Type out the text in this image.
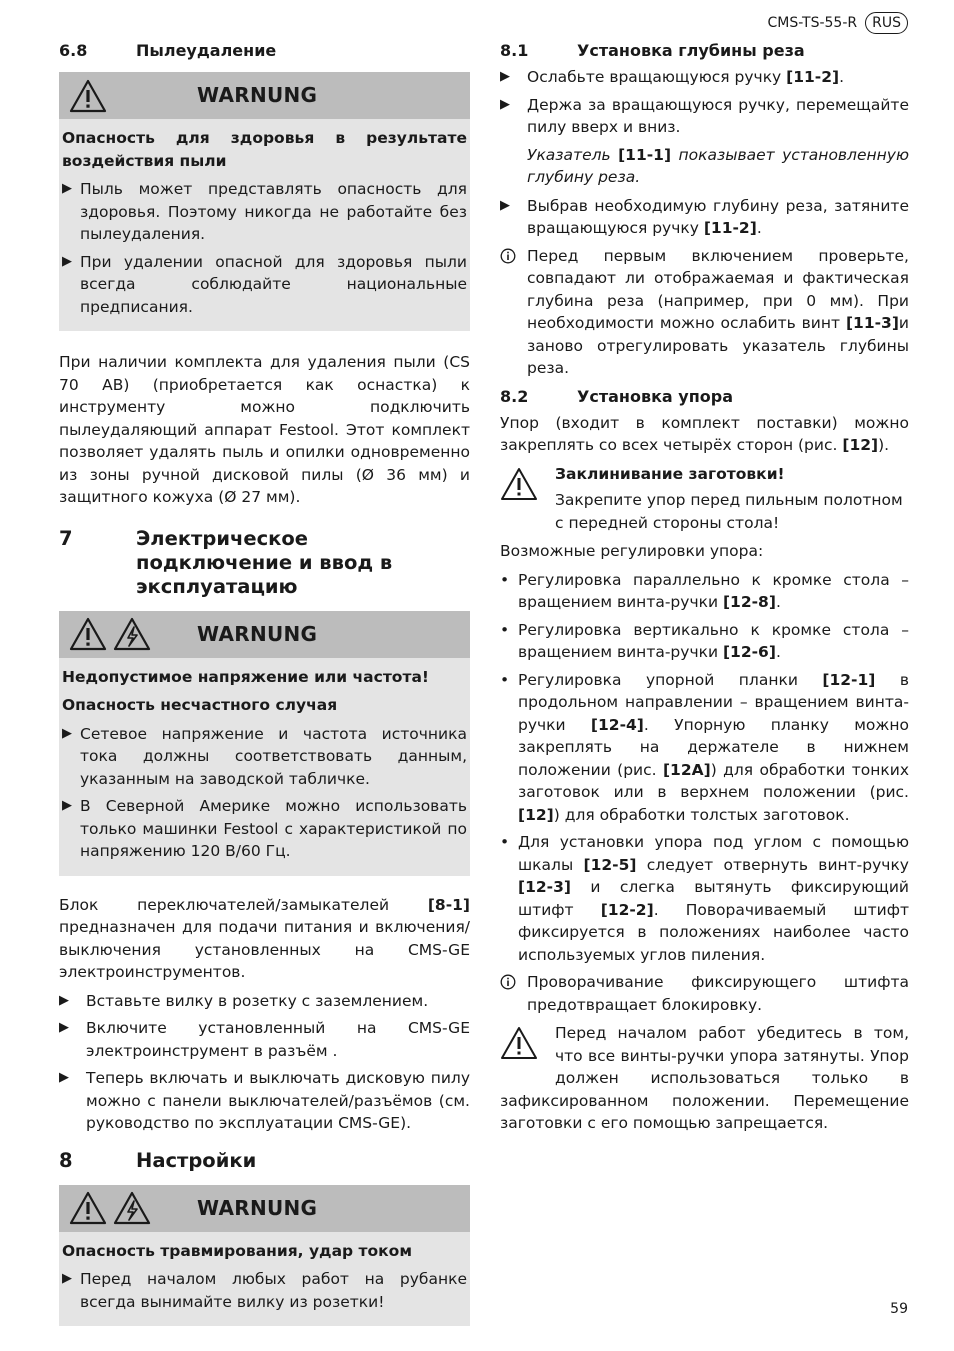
CMS-TS-55-R	RUS
6.8	Пылеудаление
WARNUNG
Опасность для здоровья в результате воздействия пыли
▶ Пыль может представлять опасность для здоровья. Поэтому никогда не работайте без пылеудаления.
▶ При удалении опасной для здоровья пыли всегда соблюдайте национальные предписания.

При наличии комплекта для удаления пыли (CS 70 AB) (приобретается как оснастка) к инструменту можно подключить пылеудаляющий аппарат Festool. Этот комплект позволяет удалять пыль и опилки одновременно из зоны ручной дисковой пилы (Ø 36 мм) и защитного кожуха (Ø 27 мм).

7	Электрическое подключение и ввод в эксплуатацию
WARNUNG
Недопустимое напряжение или частота!
Опасность несчастного случая
▶ Сетевое напряжение и частота источника тока должны соответствовать данным, указанным на заводской табличке.
▶ В Северной Америке можно использовать только машинки Festool с характеристикой по напряжению 120 В/60 Гц.

Блок переключателей/замыкателей [8-1] предназначен для подачи питания и включения/выключения установленных на CMS-GE электроинструментов.

▶	Вставьте вилку в розетку с заземлением.
▶	Включите установленный на CMS-GE электроинструмент в разъём .
▶	Теперь включать и выключать дисковую пилу можно с панели выключателей/разъёмов (см. руководство по эксплуатации CMS-GE).
8	Настройки
WARNUNG
Опасность травмирования, удар током
▶ Перед началом любых работ на рубанке всегда вынимайте вилку из розетки!
8.1	Установка глубины реза
▶	Ослабьте вращающуюся ручку [11-2].
▶	Держа за вращающуюся ручку, перемещайте пилу вверх и вниз.

Указатель [11-1] показывает установленную глубину реза.

▶	Выбрав необходимую глубину реза, затяните вращающуюся ручку [11-2].
Перед первым включением проверьте, совпадают ли отображаемая и фактическая глубина реза (например, при 0 мм). При необходимости можно ослабить винт [11-3]и заново отрегулировать указатель глубины реза.
8.2	Установка упора

Упор (входит в комплект поставки) можно закреплять со всех четырёх сторон (рис. [12]).

Заклинивание заготовки!
Закрепите упор перед пильным полотном с передней стороны стола!

Возможные регулировки упора:

• Регулировка параллельно к кромке стола – вращением винта-ручки [12-8].
• Регулировка вертикально к кромке стола – вращением винта-ручки [12-6].
• Регулировка упорной планки [12-1] в продольном направлении – вращением винта-ручки [12-4]. Упорную планку можно закреплять на держателе в нижнем положении (рис. [12A]) для обработки тонких заготовок или в верхнем положении (рис. [12]) для обработки толстых заготовок.
• Для установки упора под углом с помощью шкалы [12-5] следует отвернуть винт-ручку [12-3] и слегка вытянуть фиксирующий штифт [12-2]. Поворачиваемый штифт фиксируется в положениях наиболее часто используемых углов пиления.
Проворачивание фиксирующего штифта предотвращает блокировку.
Перед началом работ убедитесь в том, что все винты-ручки упора затянуты. Упор должен использоваться только в зафиксированном положении. Перемещение заготовки с его помощью запрещается.
59
